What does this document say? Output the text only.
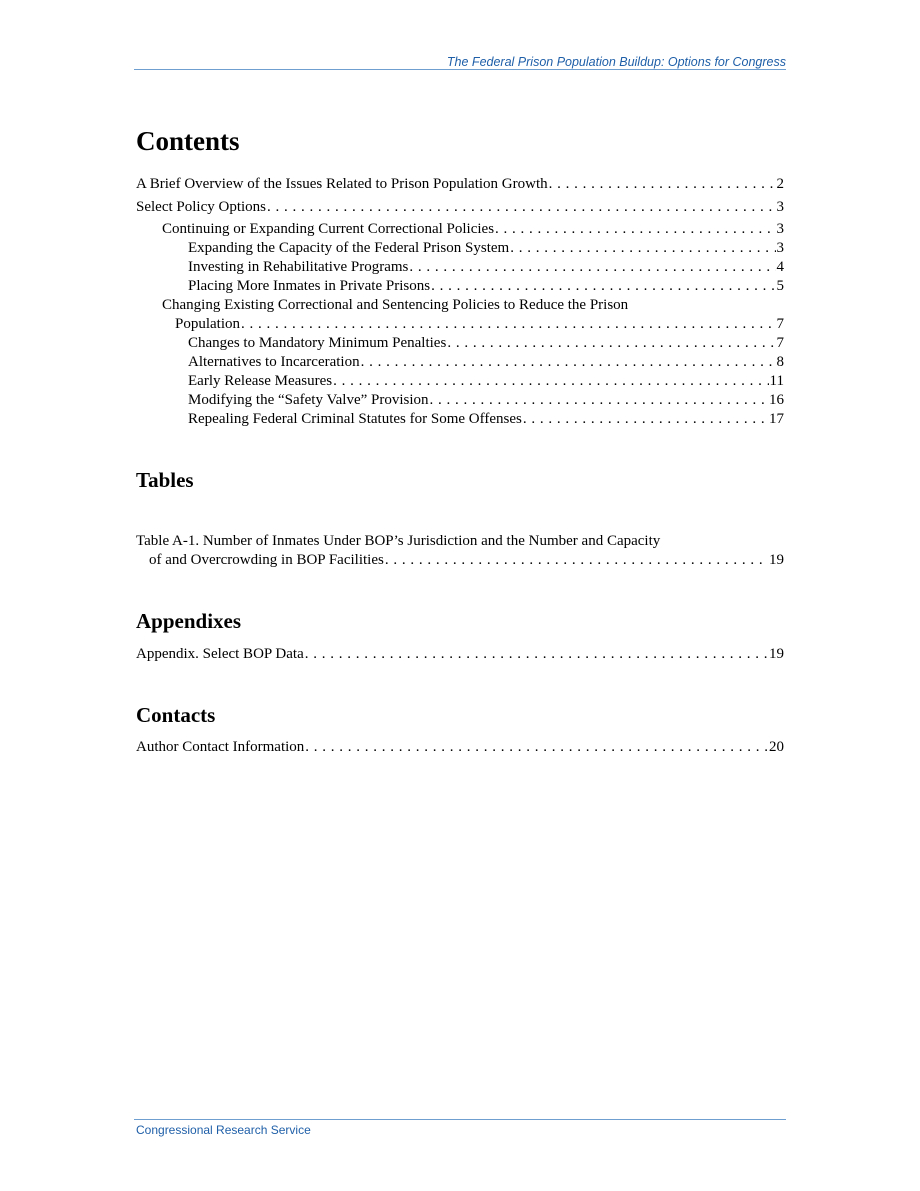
The Federal Prison Population Buildup: Options for Congress
Contents
A Brief Overview of the Issues Related to Prison Population Growth . . .	2
Select Policy Options . . .	3
Continuing or Expanding Current Correctional Policies . . .	3
Expanding the Capacity of the Federal Prison System . . .	3
Investing in Rehabilitative Programs . . .	4
Placing More Inmates in Private Prisons . . .	5
Changing Existing Correctional and Sentencing Policies to Reduce the Prison
Population . . .	7
Changes to Mandatory Minimum Penalties . . .	7
Alternatives to Incarceration . . .	8
Early Release Measures . . .	11
Modifying the “Safety Valve” Provision . . .	16
Repealing Federal Criminal Statutes for Some Offenses . . .	17
Tables
Table A-1. Number of Inmates Under BOP’s Jurisdiction and the Number and Capacity
of and Overcrowding in BOP Facilities . . .	19
Appendixes
Appendix. Select BOP Data . . .	19
Contacts
Author Contact Information . . .	20
Congressional Research Service
